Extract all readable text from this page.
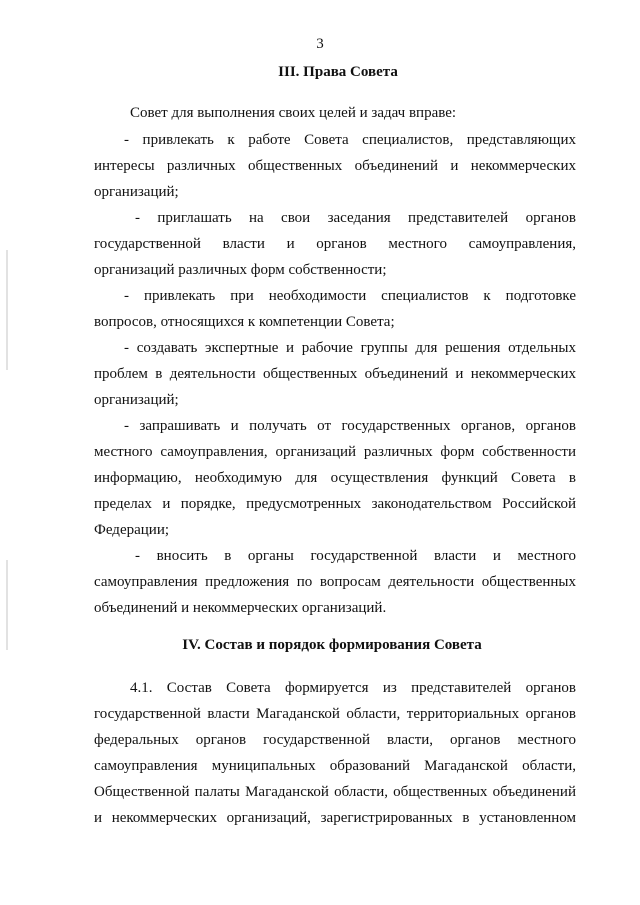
3
III. Права Совета
Совет для выполнения своих целей и задач вправе:
- привлекать к работе Совета специалистов, представляющих
интересы различных общественных объединений и некоммерческих
организаций;
- приглашать на свои заседания представителей органов
государственной власти и органов местного самоуправления,
организаций различных форм собственности;
- привлекать при необходимости специалистов к подготовке
вопросов, относящихся к компетенции Совета;
- создавать экспертные и рабочие группы для решения отдельных
проблем в деятельности общественных объединений и некоммерческих
организаций;
- запрашивать и получать от государственных органов, органов
местного самоуправления, организаций различных форм собственности
информацию, необходимую для осуществления функций Совета в
пределах и порядке, предусмотренных законодательством Российской
Федерации;
- вносить в органы государственной власти и местного
самоуправления предложения по вопросам деятельности общественных
объединений и некоммерческих организаций.
IV. Состав и порядок формирования Совета
4.1. Состав Совета формируется из представителей органов
государственной власти Магаданской области, территориальных органов
федеральных органов государственной власти, органов местного
самоуправления муниципальных образований Магаданской области,
Общественной палаты Магаданской области, общественных объединений
и некоммерческих организаций, зарегистрированных в установленном
